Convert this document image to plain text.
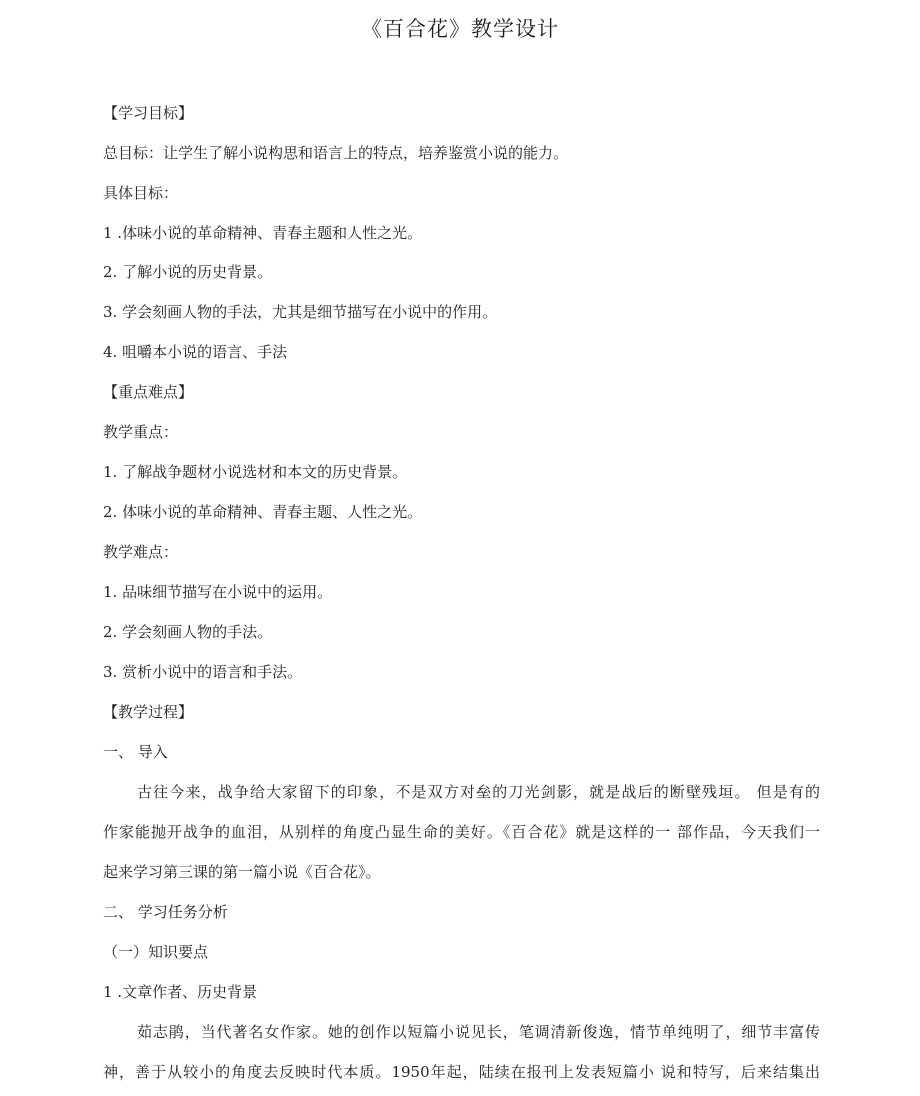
《百合花》教学设计
【学习目标】
总目标：让学生了解小说构思和语言上的特点，培养鉴赏小说的能力。
具体目标：
1 .体味小说的革命精神、青春主题和人性之光。
2. 了解小说的历史背景。
3. 学会刻画人物的手法，尤其是细节描写在小说中的作用。
4. 咀嚼本小说的语言、手法
【重点难点】
教学重点：
1. 了解战争题材小说选材和本文的历史背景。
2. 体味小说的革命精神、青春主题、人性之光。
教学难点：
1. 品味细节描写在小说中的运用。
2. 学会刻画人物的手法。
3. 赏析小说中的语言和手法。
【教学过程】
一、 导入
古往今来，战争给大家留下的印象，不是双方对垒的刀光剑影，就是战后的断壁残垣。 但是有的
作家能抛开战争的血泪，从别样的角度凸显生命的美好。《百合花》就是这样的一 部作品，今天我们一
起来学习第三课的第一篇小说《百合花》。
二、 学习任务分析
（一）知识要点
1 .文章作者、历史背景
茹志鹃，当代著名女作家。她的创作以短篇小说见长，笔调清新俊逸，情节单纯明了，细节丰富传
神，善于从较小的角度去反映时代本质。1950年起，陆续在报刊上发表短篇小 说和特写，后来结集出
